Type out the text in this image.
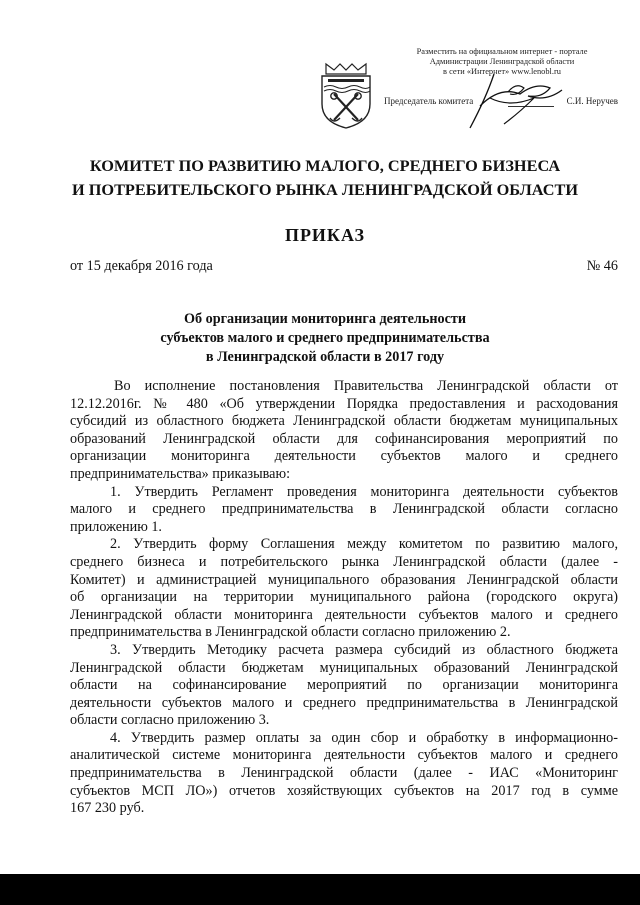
Разместить на официальном интернет - портале
Администрации Ленинградской области
в сети «Интернет» www.lenobl.ru
Председатель комитета	С.И. Неручев
КОМИТЕТ ПО РАЗВИТИЮ МАЛОГО, СРЕДНЕГО БИЗНЕСА
И ПОТРЕБИТЕЛЬСКОГО РЫНКА ЛЕНИНГРАДСКОЙ ОБЛАСТИ
ПРИКАЗ
от 15 декабря 2016 года	№ 46
Об организации мониторинга деятельности
субъектов малого и среднего предпринимательства
в Ленинградской области в 2017 году
Во исполнение постановления Правительства Ленинградской области от
12.12.2016г. № 480 «Об утверждении Порядка предоставления и расходования
субсидий из областного бюджета Ленинградской области бюджетам муниципальных
образований Ленинградской области для софинансирования мероприятий по
организации мониторинга деятельности субъектов малого и среднего
предпринимательства» приказываю:
1. Утвердить Регламент проведения мониторинга деятельности субъектов
малого и среднего предпринимательства в Ленинградской области согласно
приложению 1.
2. Утвердить форму Соглашения между комитетом по развитию малого,
среднего бизнеса и потребительского рынка Ленинградской области (далее -
Комитет) и администрацией муниципального образования Ленинградской области
об организации на территории муниципального района (городского округа)
Ленинградской области мониторинга деятельности субъектов малого и среднего
предпринимательства в Ленинградской области согласно приложению 2.
3. Утвердить Методику расчета размера субсидий из областного бюджета
Ленинградской области бюджетам муниципальных образований Ленинградской
области на софинансирование мероприятий по организации мониторинга
деятельности субъектов малого и среднего предпринимательства в Ленинградской
области согласно приложению 3.
4. Утвердить размер оплаты за один сбор и обработку в информационно-
аналитической системе мониторинга деятельности субъектов малого и среднего
предпринимательства в Ленинградской области (далее - ИАС «Мониторинг
субъектов МСП ЛО») отчетов хозяйствующих субъектов на 2017 год в сумме
167 230 руб.
